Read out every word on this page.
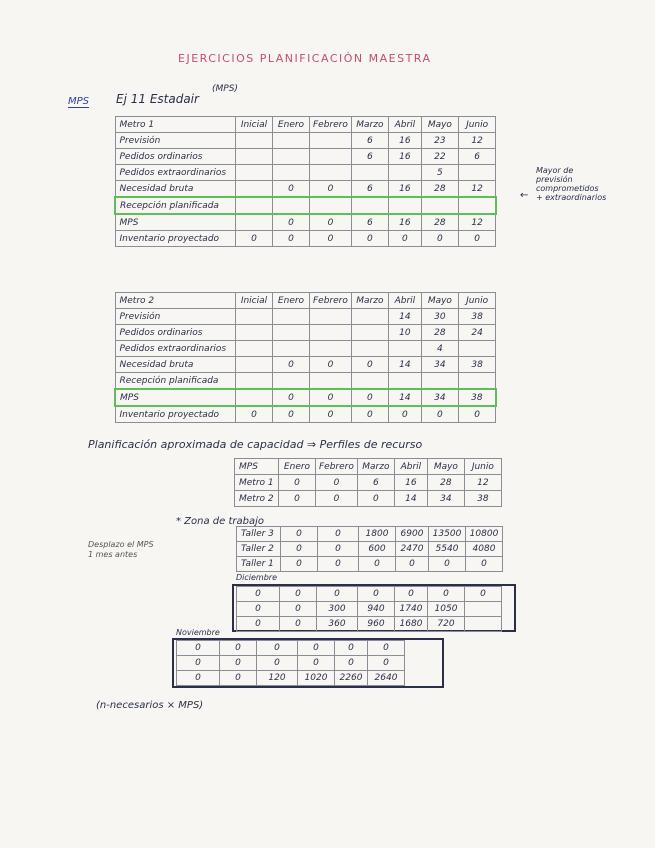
EJERCICIOS PLANIFICACIÓN MAESTRA
MPS Ej 11 Estadair
(MPS)
Metro 1	Inicial	Enero	Febrero	Marzo	Abril	Mayo	Junio
Previsión				6	16	23	12
Pedidos ordinarios				6	16	22	6
Pedidos extraordinarios						5	
Necesidad bruta		0	0	6	16	28	12
Recepción planificada							
MPS		0	0	6	16	28	12
Inventario proyectado	0	0	0	0	0	0	0
Mayor de
previsión
comprometidos
+ extraordinarios
←
Metro 2	Inicial	Enero	Febrero	Marzo	Abril	Mayo	Junio
Previsión					14	30	38
Pedidos ordinarios					10	28	24
Pedidos extraordinarios						4	
Necesidad bruta		0	0	0	14	34	38
Recepción planificada							
MPS		0	0	0	14	34	38
Inventario proyectado	0	0	0	0	0	0	0
Planificación aproximada de capacidad ⇒ Perfiles de recurso
MPS	Enero	Febrero	Marzo	Abril	Mayo	Junio
Metro 1	0	0	6	16	28	12
Metro 2	0	0	0	14	34	38
* Zona de trabajo
Desplazo el MPS
1 mes antes
Taller 3	0	0	1800	6900	13500	10800
Taller 2	0	0	600	2470	5540	4080
Taller 1	0	0	0	0	0	0
Diciembre
0	0	0	0	0	0	0
0	0	300	940	1740	1050	
0	0	360	960	1680	720	
Noviembre
0	0	0	0	0	0
0	0	0	0	0	0
0	0	120	1020	2260	2640
(n-necesarios × MPS)
